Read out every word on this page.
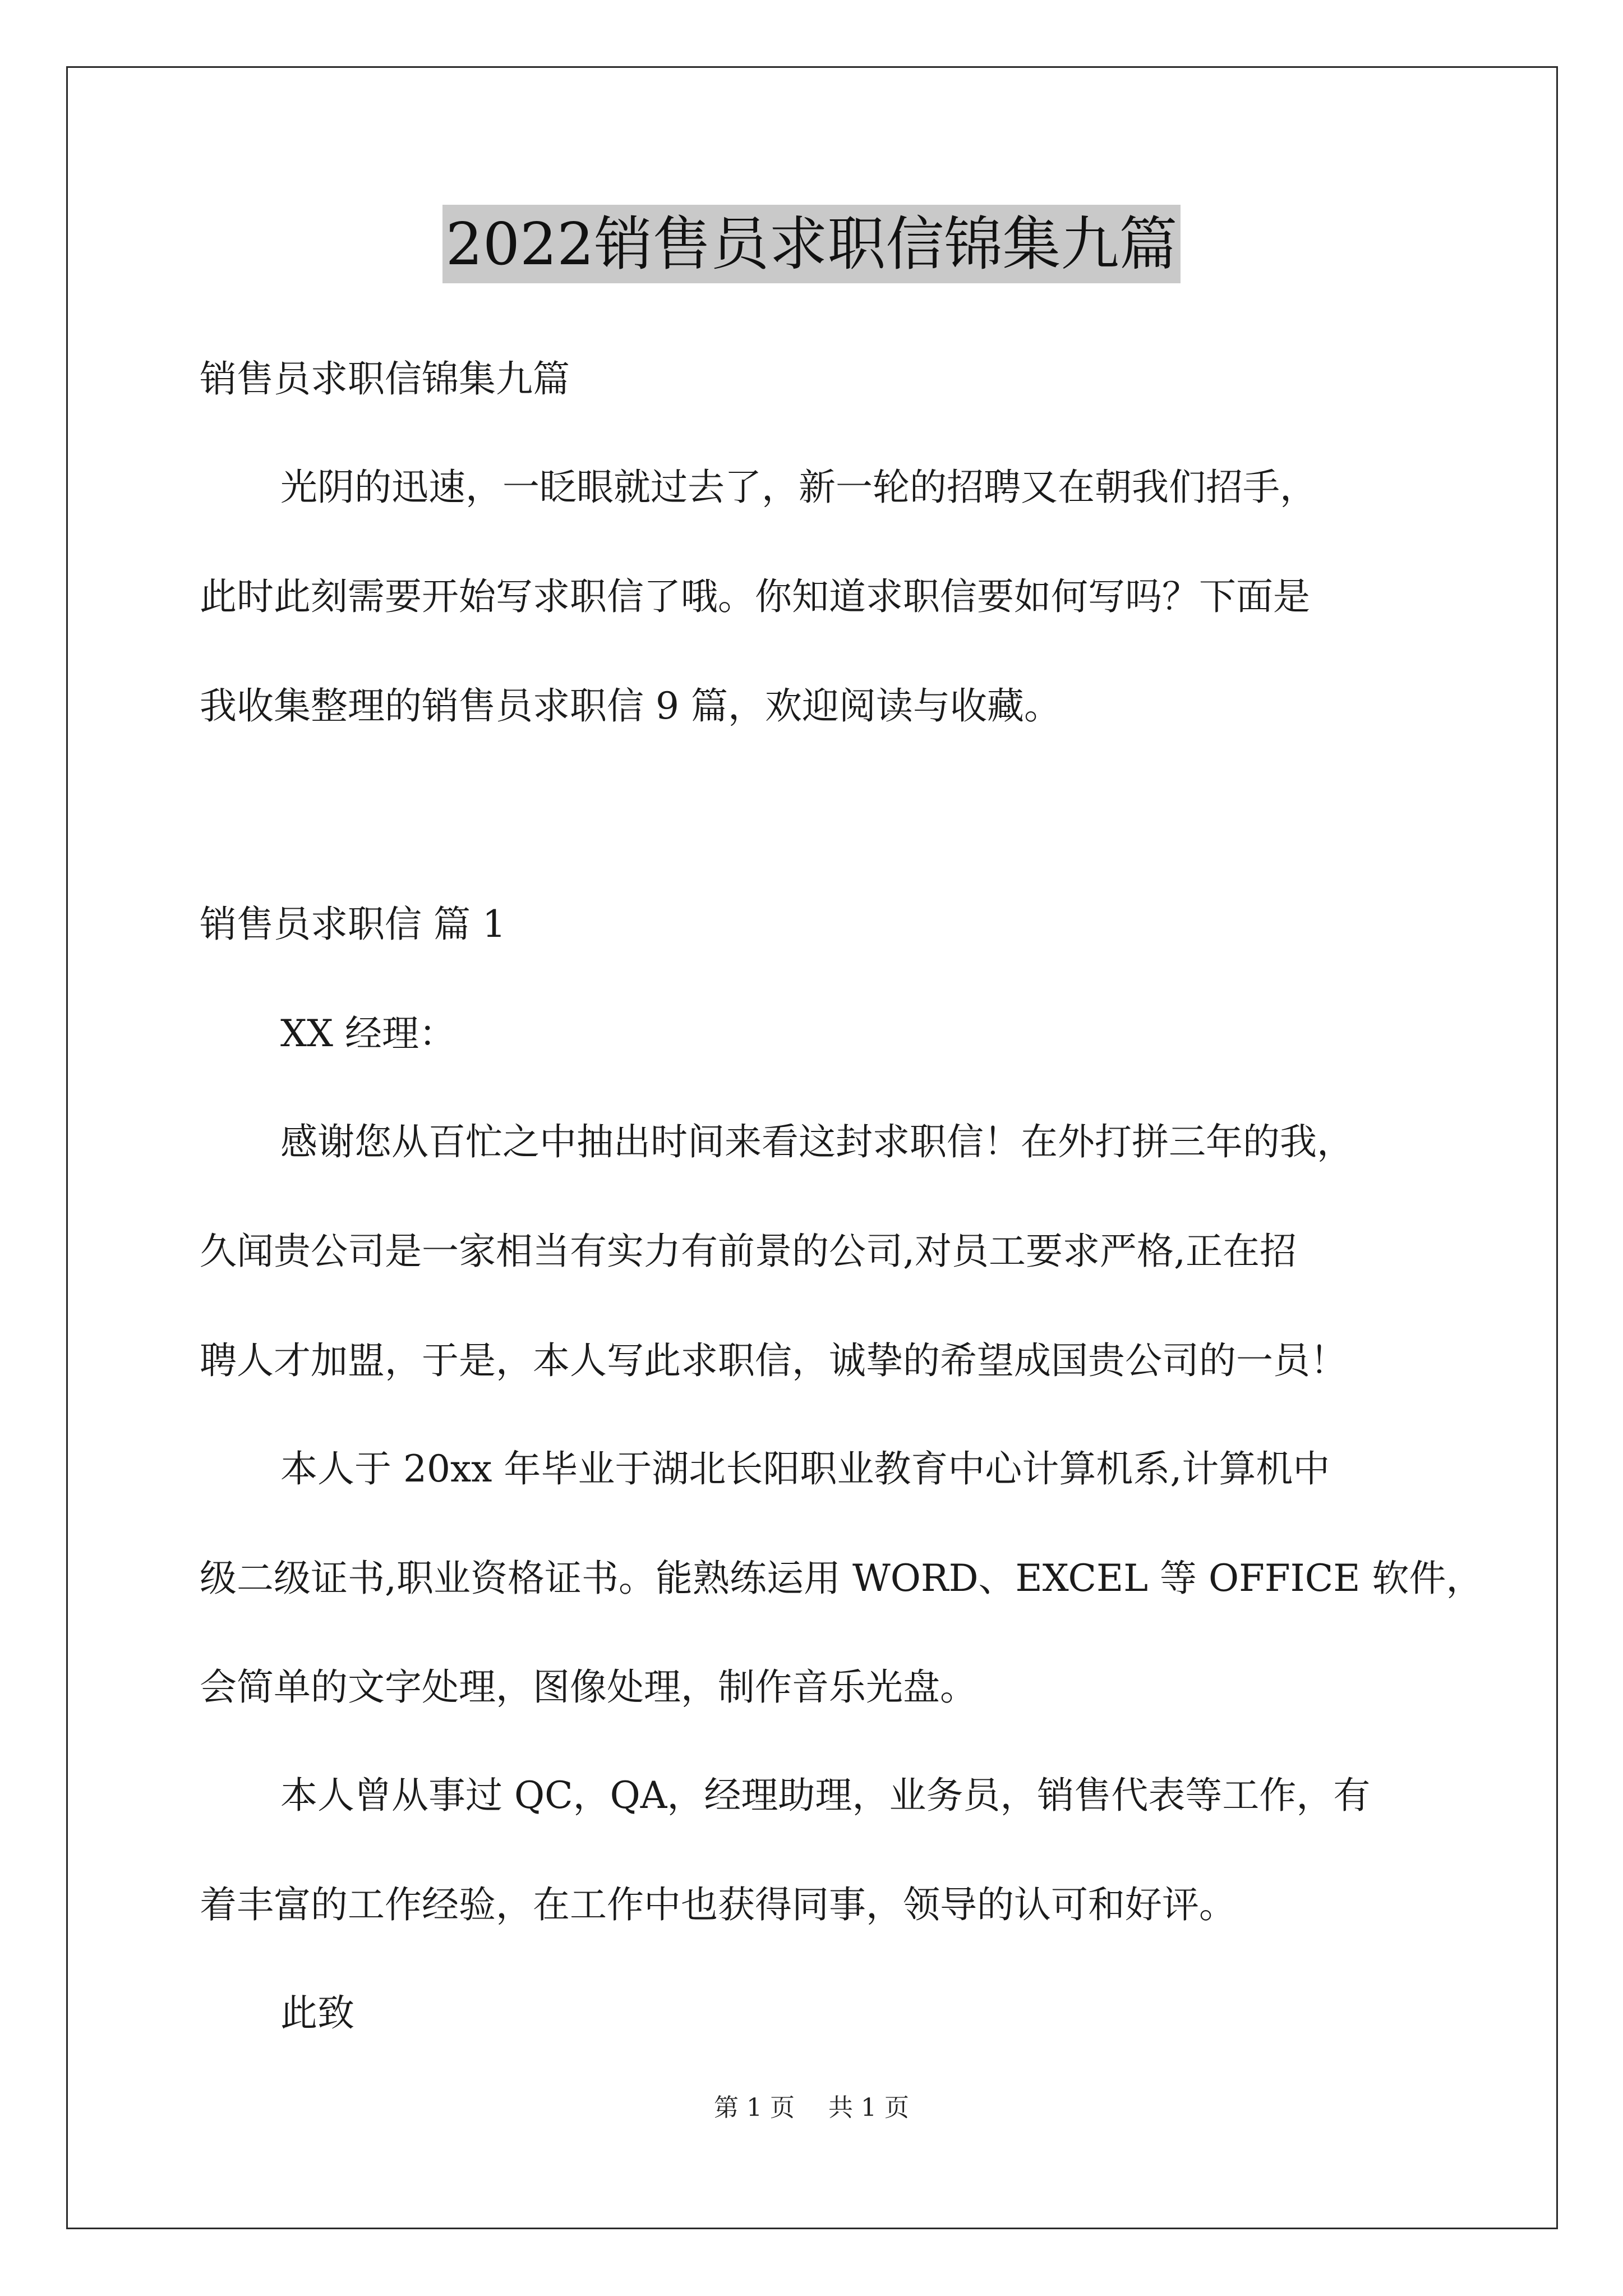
2022销售员求职信锦集九篇

销售员求职信锦集九篇

光阴的迅速，一眨眼就过去了，新一轮的招聘又在朝我们招手，

此时此刻需要开始写求职信了哦。你知道求职信要如何写吗？下面是

我收集整理的销售员求职信 9 篇，欢迎阅读与收藏。

销售员求职信 篇 1

XX 经理：

感谢您从百忙之中抽出时间来看这封求职信！在外打拼三年的我，

久闻贵公司是一家相当有实力有前景的公司,对员工要求严格,正在招

聘人才加盟，于是，本人写此求职信，诚挚的希望成国贵公司的一员！

本人于 20xx 年毕业于湖北长阳职业教育中心计算机系,计算机中

级二级证书,职业资格证书。能熟练运用 WORD、EXCEL 等 OFFICE 软件，

会简单的文字处理，图像处理，制作音乐光盘。

本人曾从事过 QC，QA，经理助理，业务员，销售代表等工作，有

着丰富的工作经验，在工作中也获得同事，领导的认可和好评。

此致

第 1 页 共 1 页
